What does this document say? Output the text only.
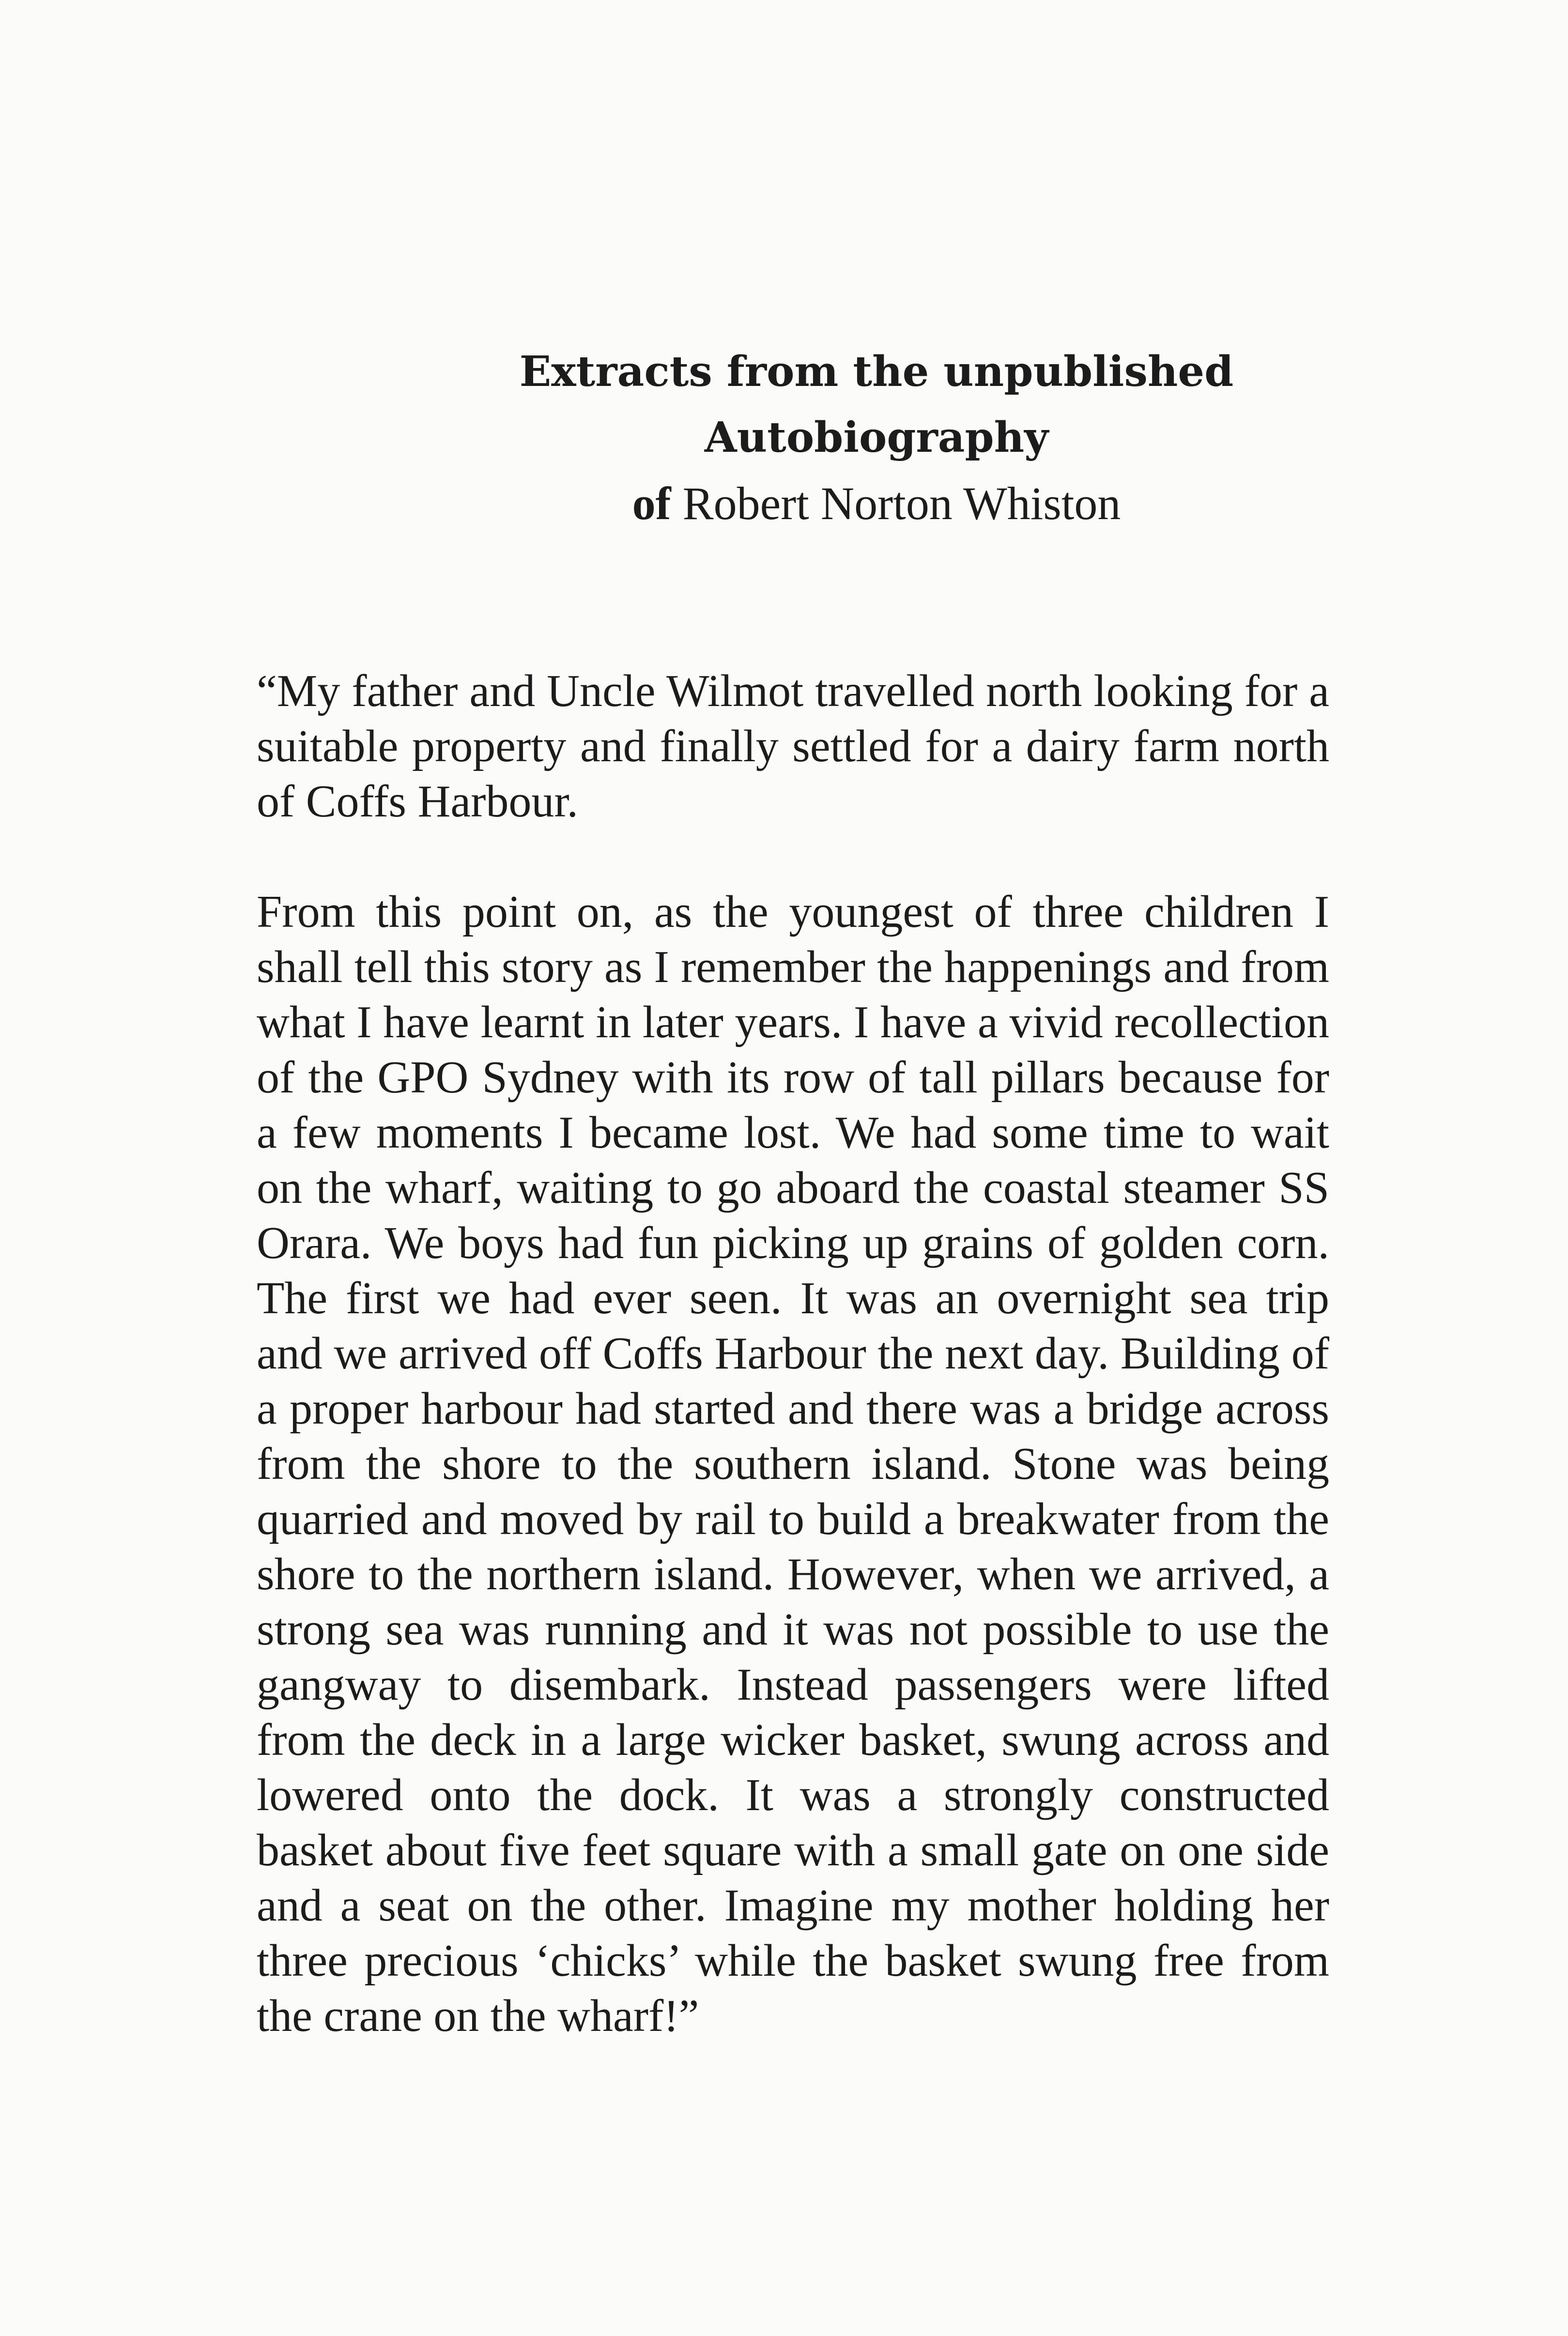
Extracts from the unpublished
Autobiography
of Robert Norton Whiston

“My father and Uncle Wilmot travelled north looking for a suitable property and finally settled for a dairy farm north of Coffs Harbour.

From this point on, as the youngest of three children I shall tell this story as I remember the happenings and from what I have learnt in later years. I have a vivid recollection of the GPO Sydney with its row of tall pillars because for a few moments I became lost. We had some time to wait on the wharf, waiting to go aboard the coastal steamer SS Orara. We boys had fun picking up grains of golden corn. The first we had ever seen. It was an overnight sea trip and we arrived off Coffs Harbour the next day. Building of a proper harbour had started and there was a bridge across from the shore to the southern island. Stone was being quarried and moved by rail to build a breakwater from the shore to the northern island. However, when we arrived, a strong sea was running and it was not possible to use the gangway to disembark. Instead passengers were lifted from the deck in a large wicker basket, swung across and lowered onto the dock. It was a strongly constructed basket about five feet square with a small gate on one side and a seat on the other. Imagine my mother holding her three precious ‘chicks’ while the basket swung free from the crane on the wharf!”
